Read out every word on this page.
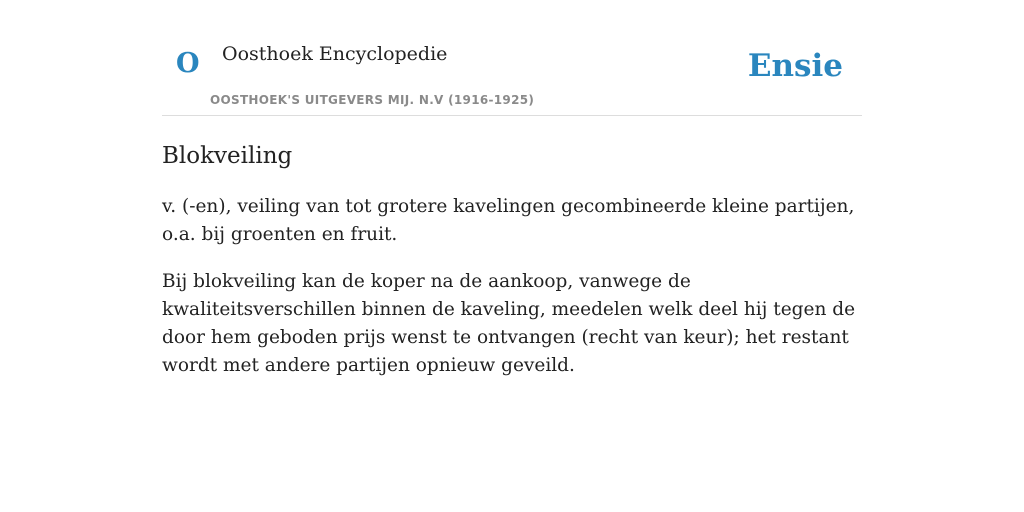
O Oosthoek Encyclopedie
OOSTHOEK'S UITGEVERS MIJ. N.V (1916-1925)
Ensie
Blokveiling

v. (-en), veiling van tot grotere kavelingen gecombineerde kleine partijen, o.a. bij groenten en fruit.

Bij blokveiling kan de koper na de aankoop, vanwege de kwaliteitsverschillen binnen de kaveling, meedelen welk deel hij tegen de door hem geboden prijs wenst te ontvangen (recht van keur); het restant wordt met andere partijen opnieuw geveild.
